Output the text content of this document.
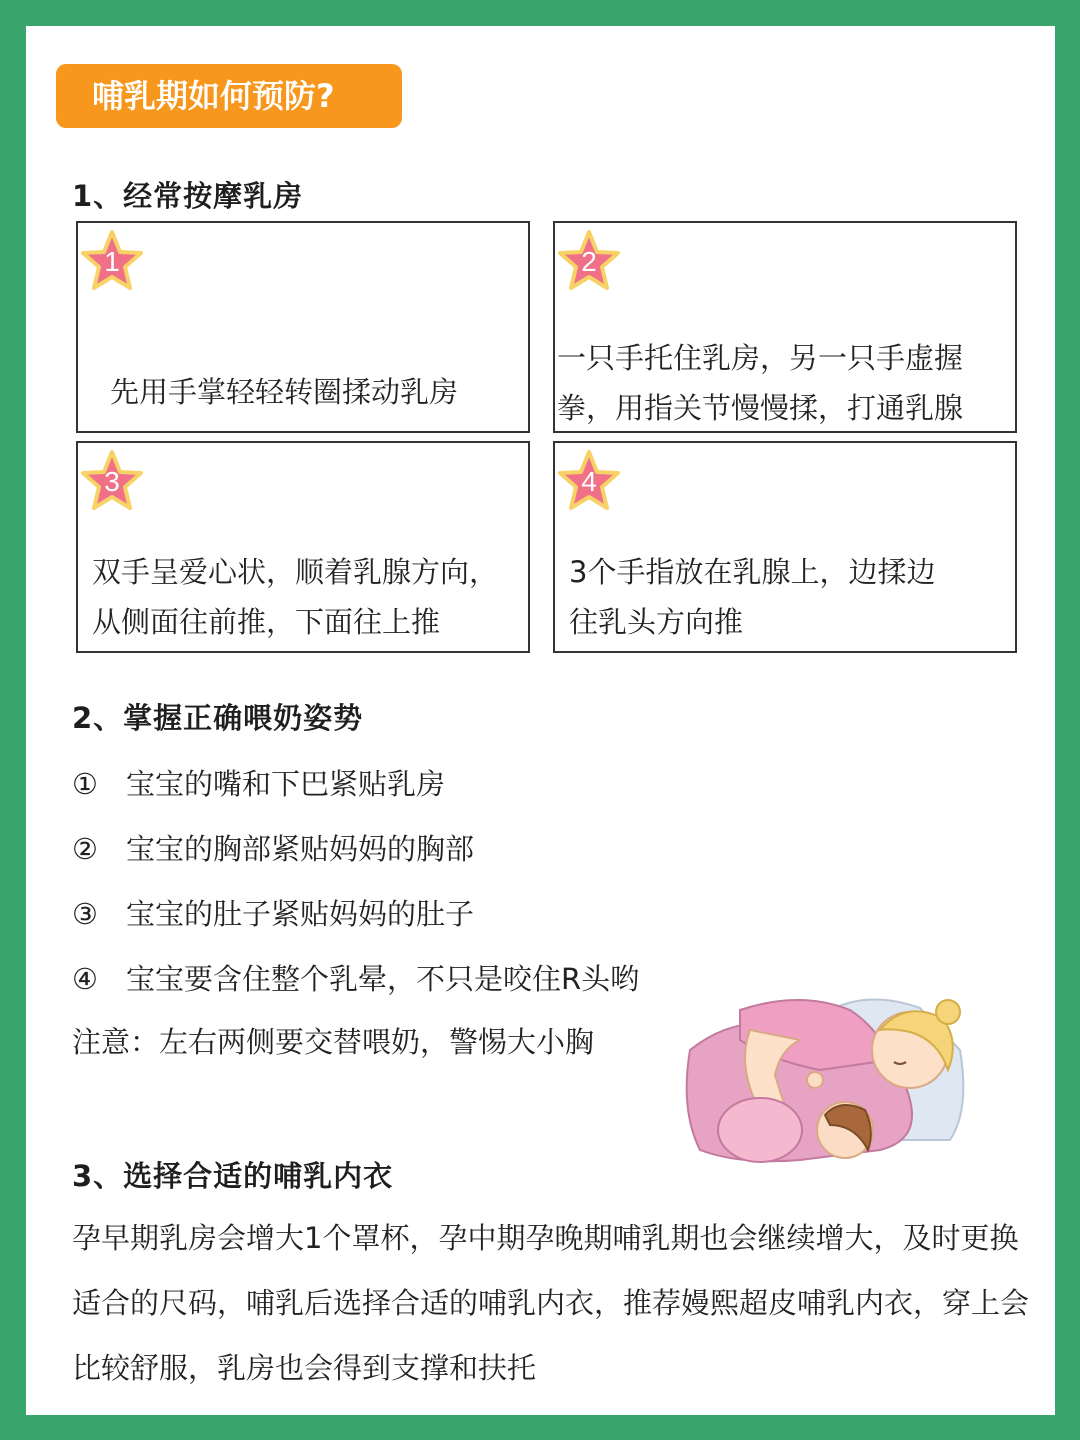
哺乳期如何预防?
1、经常按摩乳房
1
先用手掌轻轻转圈揉动乳房
2
一只手托住乳房，另一只手虚握
拳，用指关节慢慢揉，打通乳腺
3
双手呈爱心状，顺着乳腺方向，
从侧面往前推，下面往上推
4
3个手指放在乳腺上，边揉边
往乳头方向推
2、掌握正确喂奶姿势
① 宝宝的嘴和下巴紧贴乳房
② 宝宝的胸部紧贴妈妈的胸部
③ 宝宝的肚子紧贴妈妈的肚子
④ 宝宝要含住整个乳晕，不只是咬住R头哟
注意：左右两侧要交替喂奶，警惕大小胸
3、选择合适的哺乳内衣
孕早期乳房会增大1个罩杯，孕中期孕晚期哺乳期也会继续增大，及时更换适合的尺码，哺乳后选择合适的哺乳内衣，推荐嫚熙超皮哺乳内衣，穿上会比较舒服，乳房也会得到支撑和扶托
